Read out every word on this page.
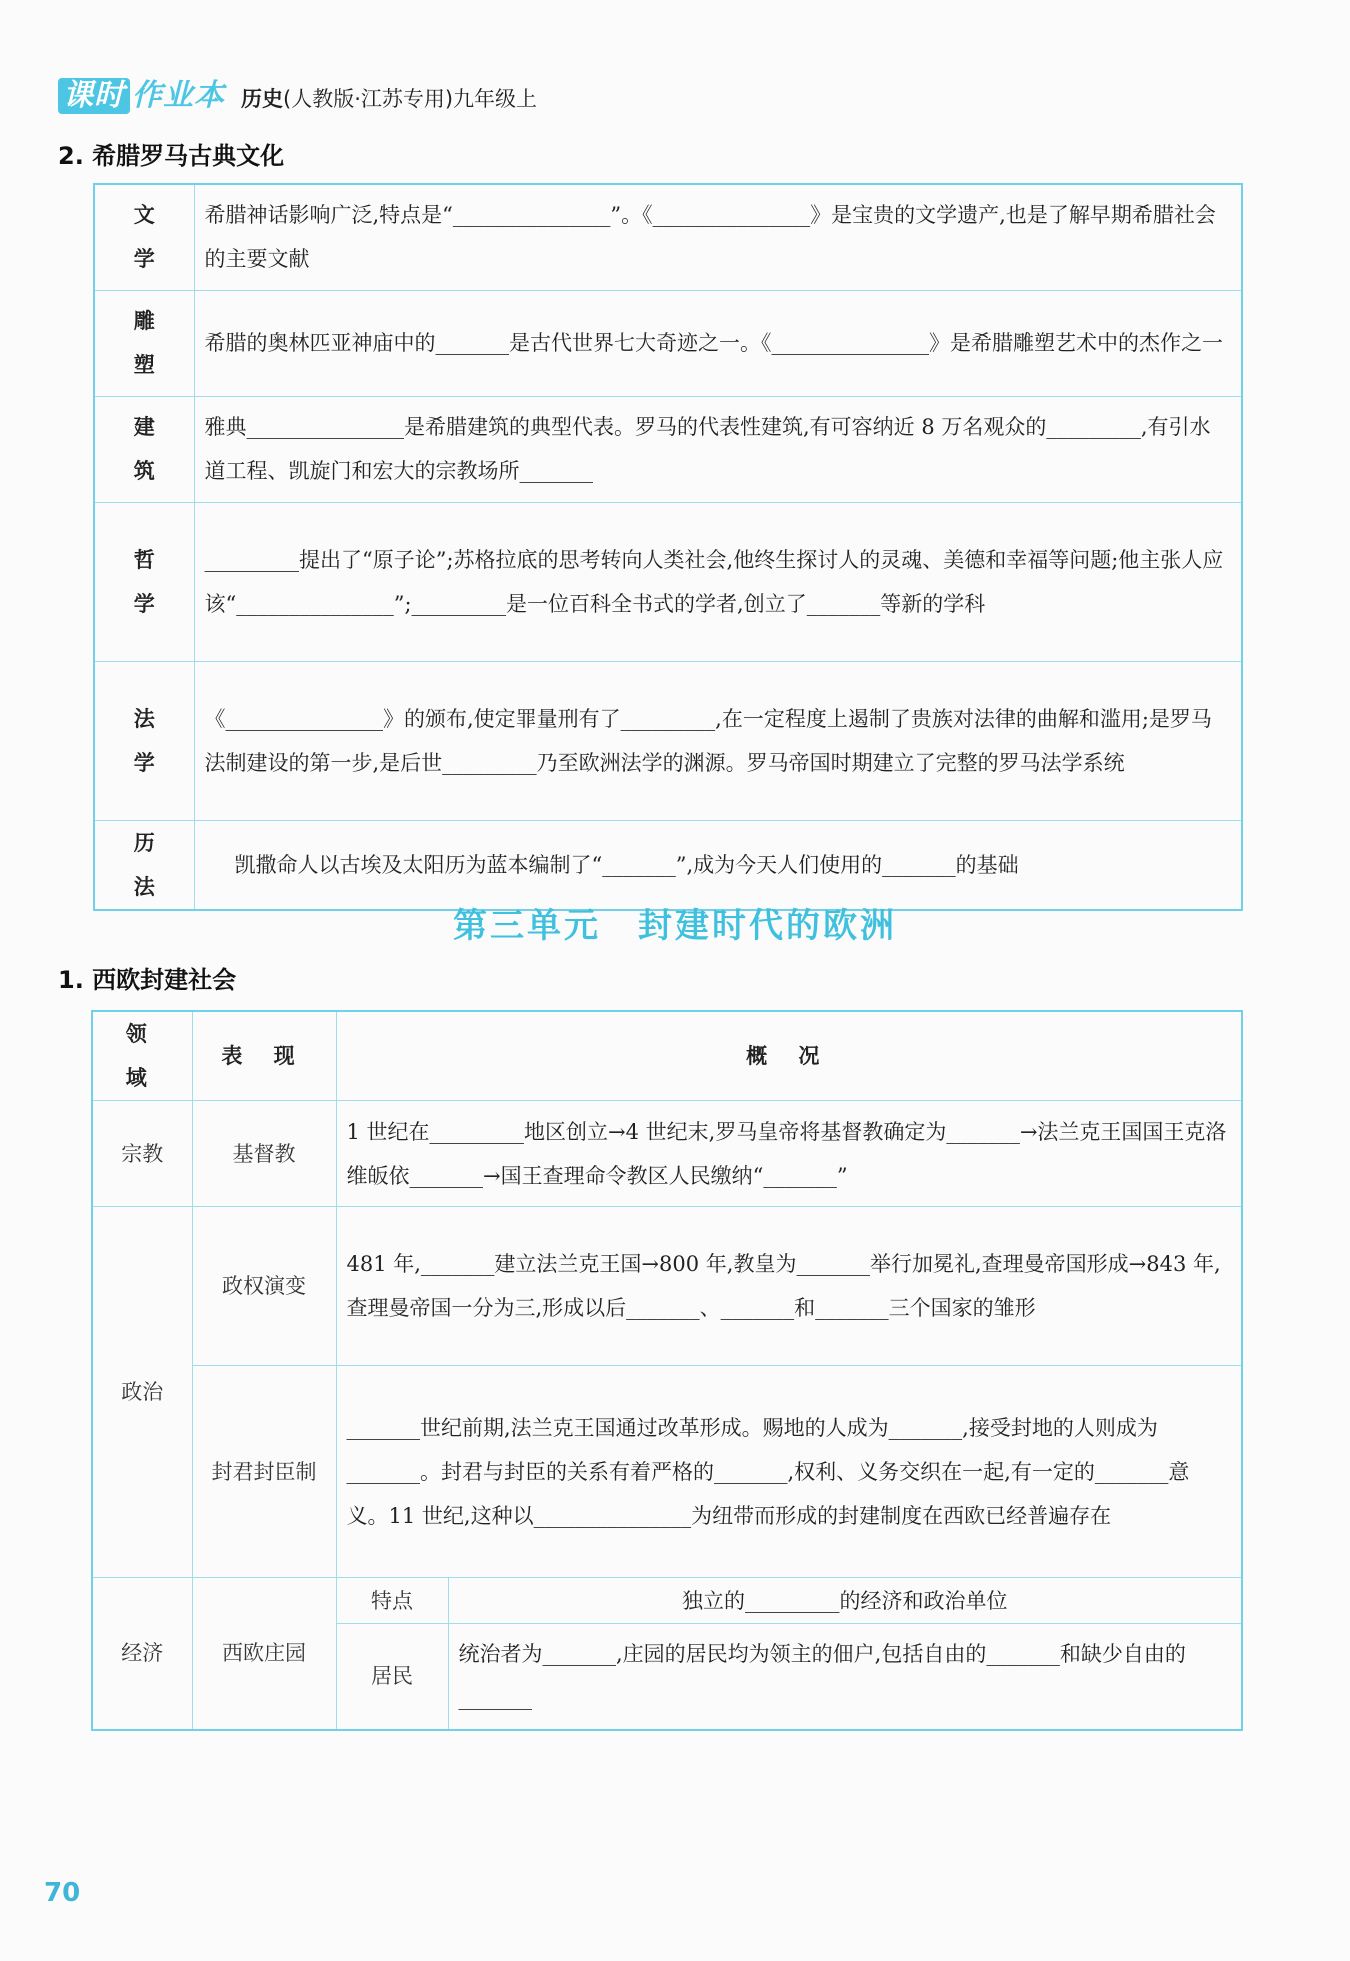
课时 作业本 历史(人教版·江苏专用)九年级上
2. 希腊罗马古典文化
文 学	希腊神话影响广泛,特点是“_______________”。《_______________》是宝贵的文学遗产,也是了解早期希腊社会的主要文献
雕 塑	希腊的奥林匹亚神庙中的_______是古代世界七大奇迹之一。《_______________》是希腊雕塑艺术中的杰作之一
建 筑	雅典_______________是希腊建筑的典型代表。罗马的代表性建筑,有可容纳近 8 万名观众的_________,有引水道工程、凯旋门和宏大的宗教场所_______
哲 学	_________提出了“原子论”;苏格拉底的思考转向人类社会,他终生探讨人的灵魂、美德和幸福等问题;他主张人应该“_______________”;_________是一位百科全书式的学者,创立了_______等新的学科
法 学	《_______________》的颁布,使定罪量刑有了_________,在一定程度上遏制了贵族对法律的曲解和滥用;是罗马法制建设的第一步,是后世_________乃至欧洲法学的渊源。罗马帝国时期建立了完整的罗马法学系统
历 法	凯撒命人以古埃及太阳历为蓝本编制了“_______”,成为今天人们使用的_______的基础
第三单元　封建时代的欧洲
1. 西欧封建社会
领 域	表 现	概 况	
宗教	基督教	1 世纪在_________地区创立→4 世纪末,罗马皇帝将基督教确定为_______→法兰克王国国王克洛维皈依_______→国王查理命令教区人民缴纳“_______”	
政治	政权演变	481 年,_______建立法兰克王国→800 年,教皇为_______举行加冕礼,查理曼帝国形成→843 年,查理曼帝国一分为三,形成以后_______、_______和_______三个国家的雏形	
	封君封臣制	_______世纪前期,法兰克王国通过改革形成。赐地的人成为_______,接受封地的人则成为_______。封君与封臣的关系有着严格的_______,权利、义务交织在一起,有一定的_______意义。11 世纪,这种以_______________为纽带而形成的封建制度在西欧已经普遍存在	
经济	西欧庄园	特点	独立的_________的经济和政治单位
		居民	统治者为_______,庄园的居民均为领主的佃户,包括自由的_______和缺少自由的_______
70
